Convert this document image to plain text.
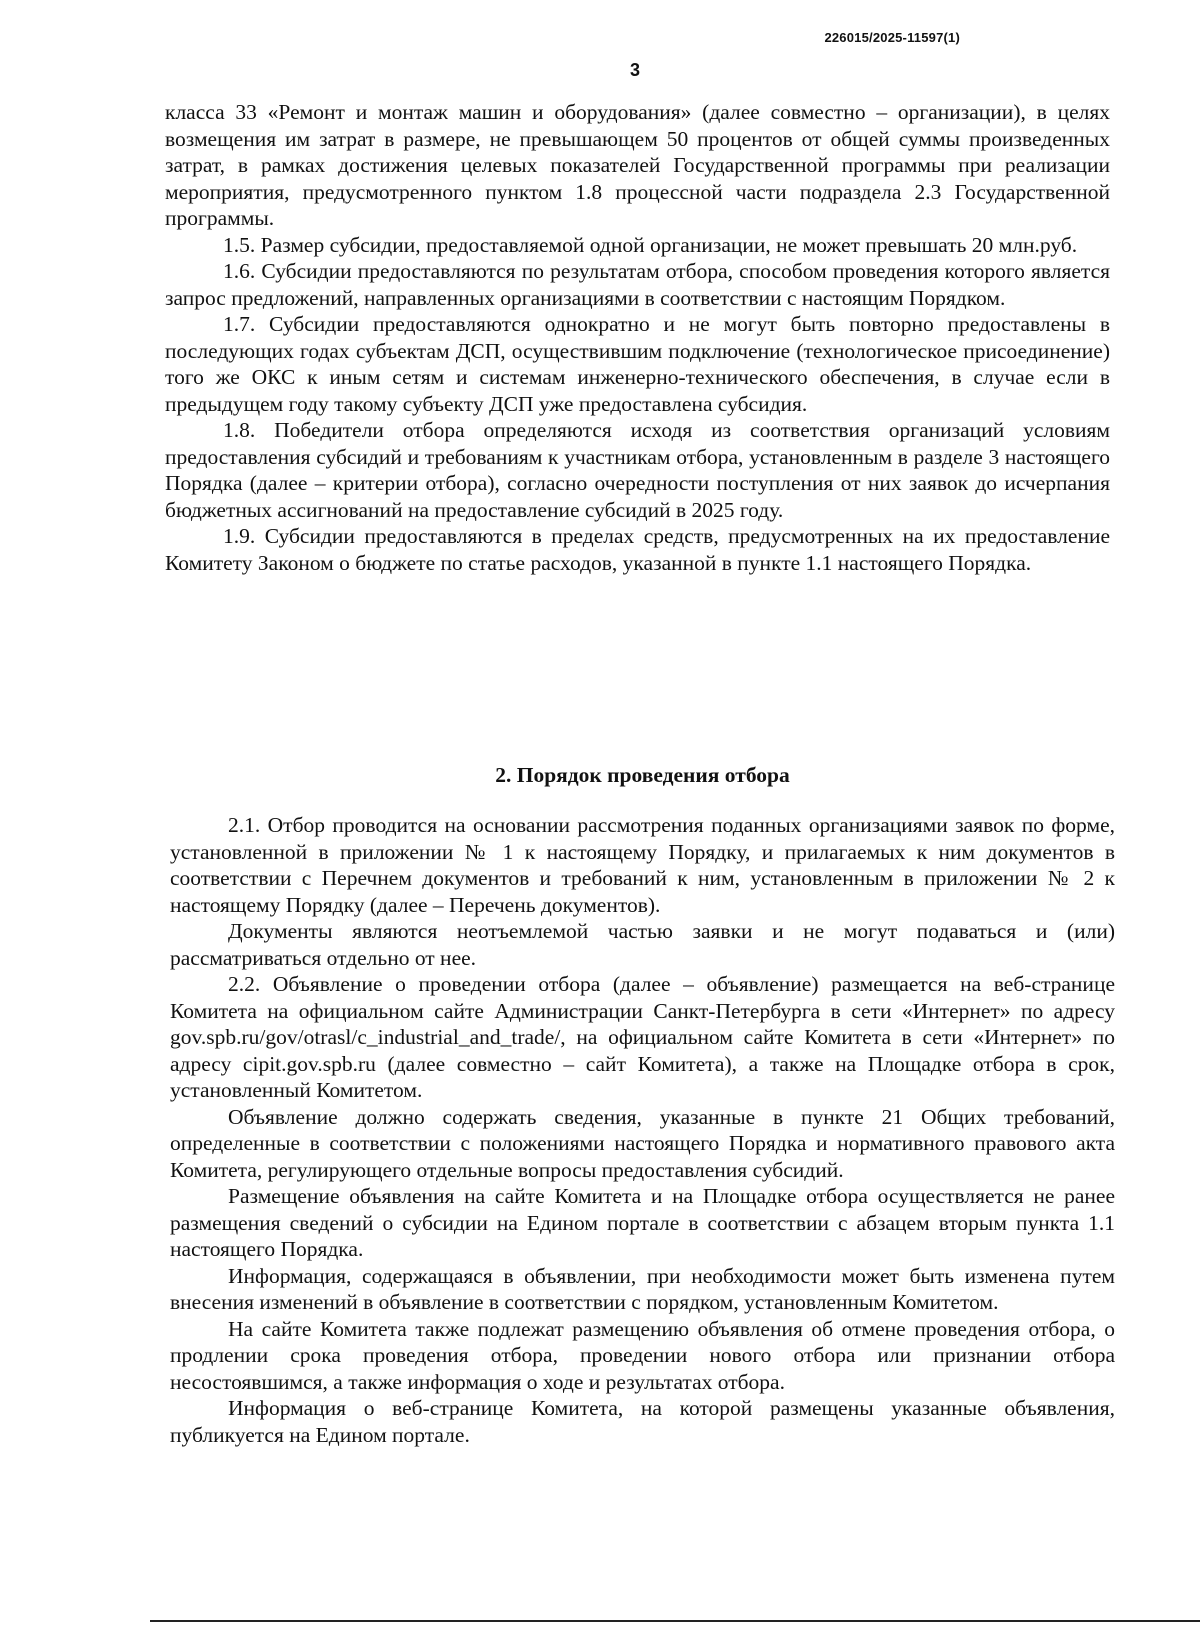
226015/2025-11597(1)
3

класса 33 «Ремонт и монтаж машин и оборудования» (далее совместно – организации), в целях возмещения им затрат в размере, не превышающем 50 процентов от общей суммы произведенных затрат, в рамках достижения целевых показателей Государственной программы при реализации мероприятия, предусмотренного пунктом 1.8 процессной части подраздела 2.3 Государственной программы.

1.5. Размер субсидии, предоставляемой одной организации, не может превышать 20 млн.руб.

1.6. Субсидии предоставляются по результатам отбора, способом проведения которого является запрос предложений, направленных организациями в соответствии с настоящим Порядком.

1.7. Субсидии предоставляются однократно и не могут быть повторно предоставлены в последующих годах субъектам ДСП, осуществившим подключение (технологическое присоединение) того же ОКС к иным сетям и системам инженерно-технического обеспечения, в случае если в предыдущем году такому субъекту ДСП уже предоставлена субсидия.

1.8. Победители отбора определяются исходя из соответствия организаций условиям предоставления субсидий и требованиям к участникам отбора, установленным в разделе 3 настоящего Порядка (далее – критерии отбора), согласно очередности поступления от них заявок до исчерпания бюджетных ассигнований на предоставление субсидий в 2025 году.

1.9. Субсидии предоставляются в пределах средств, предусмотренных на их предоставление Комитету Законом о бюджете по статье расходов, указанной в пункте 1.1 настоящего Порядка.

2. Порядок проведения отбора

2.1. Отбор проводится на основании рассмотрения поданных организациями заявок по форме, установленной в приложении № 1 к настоящему Порядку, и прилагаемых к ним документов в соответствии с Перечнем документов и требований к ним, установленным в приложении № 2 к настоящему Порядку (далее – Перечень документов).

Документы являются неотъемлемой частью заявки и не могут подаваться и (или) рассматриваться отдельно от нее.

2.2. Объявление о проведении отбора (далее – объявление) размещается на веб-странице Комитета на официальном сайте Администрации Санкт-Петербурга в сети «Интернет» по адресу gov.spb.ru/gov/otrasl/c_industrial_and_trade/, на официальном сайте Комитета в сети «Интернет» по адресу cipit.gov.spb.ru (далее совместно – сайт Комитета), а также на Площадке отбора в срок, установленный Комитетом.

Объявление должно содержать сведения, указанные в пункте 21 Общих требований, определенные в соответствии с положениями настоящего Порядка и нормативного правового акта Комитета, регулирующего отдельные вопросы предоставления субсидий.

Размещение объявления на сайте Комитета и на Площадке отбора осуществляется не ранее размещения сведений о субсидии на Едином портале в соответствии с абзацем вторым пункта 1.1 настоящего Порядка.

Информация, содержащаяся в объявлении, при необходимости может быть изменена путем внесения изменений в объявление в соответствии с порядком, установленным Комитетом.

На сайте Комитета также подлежат размещению объявления об отмене проведения отбора, о продлении срока проведения отбора, проведении нового отбора или признании отбора несостоявшимся, а также информация о ходе и результатах отбора.

Информация о веб-странице Комитета, на которой размещены указанные объявления, публикуется на Едином портале.
